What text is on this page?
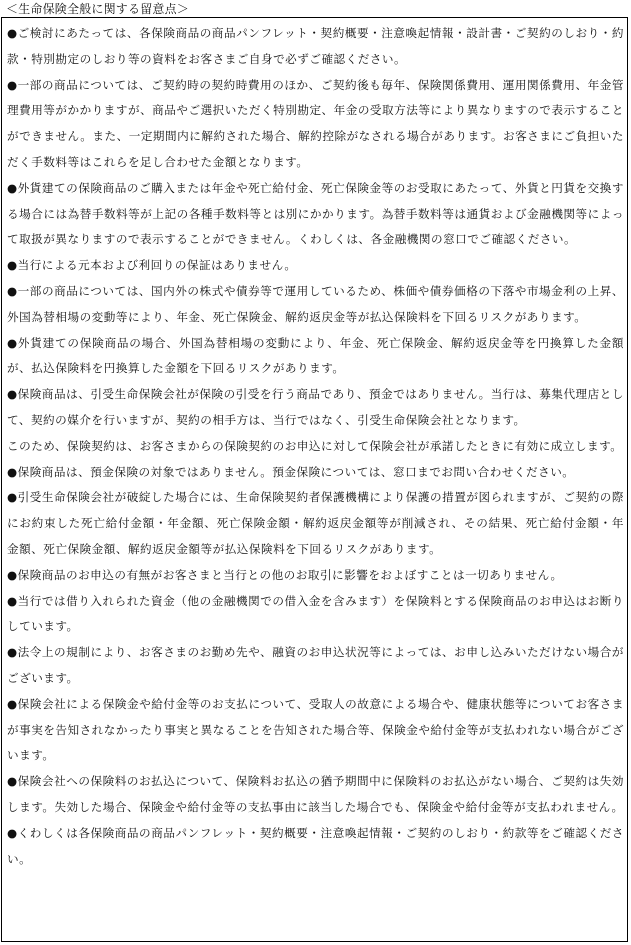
＜生命保険全般に関する留意点＞
●ご検討にあたっては、各保険商品の商品パンフレット・契約概要・注意喚起情報・設計書・ご契約のしおり・約款・特別勘定のしおり等の資料をお客さまご自身で必ずご確認ください。
●一部の商品については、ご契約時の契約時費用のほか、ご契約後も毎年、保険関係費用、運用関係費用、年金管理費用等がかかりますが、商品やご選択いただく特別勘定、年金の受取方法等により異なりますので表示することができません。また、一定期間内に解約された場合、解約控除がなされる場合があります。お客さまにご負担いただく手数料等はこれらを足し合わせた金額となります。
●外貨建ての保険商品のご購入または年金や死亡給付金、死亡保険金等のお受取にあたって、外貨と円貨を交換する場合には為替手数料等が上記の各種手数料等とは別にかかります。為替手数料等は通貨および金融機関等によって取扱が異なりますので表示することができません。くわしくは、各金融機関の窓口でご確認ください。
●当行による元本および利回りの保証はありません。
●一部の商品については、国内外の株式や債券等で運用しているため、株価や債券価格の下落や市場金利の上昇、外国為替相場の変動等により、年金、死亡保険金、解約返戻金等が払込保険料を下回るリスクがあります。
●外貨建ての保険商品の場合、外国為替相場の変動により、年金、死亡保険金、解約返戻金等を円換算した金額が、払込保険料を円換算した金額を下回るリスクがあります。
●保険商品は、引受生命保険会社が保険の引受を行う商品であり、預金ではありません。当行は、募集代理店として、契約の媒介を行いますが、契約の相手方は、当行ではなく、引受生命保険会社となります。
このため、保険契約は、お客さまからの保険契約のお申込に対して保険会社が承諾したときに有効に成立します。
●保険商品は、預金保険の対象ではありません。預金保険については、窓口までお問い合わせください。
●引受生命保険会社が破綻した場合には、生命保険契約者保護機構により保護の措置が図られますが、ご契約の際にお約束した死亡給付金額・年金額、死亡保険金額・解約返戻金額等が削減され、その結果、死亡給付金額・年金額、死亡保険金額、解約返戻金額等が払込保険料を下回るリスクがあります。
●保険商品のお申込の有無がお客さまと当行との他のお取引に影響をおよぼすことは一切ありません。
●当行では借り入れられた資金（他の金融機関での借入金を含みます）を保険料とする保険商品のお申込はお断りしています。
●法令上の規制により、お客さまのお勤め先や、融資のお申込状況等によっては、お申し込みいただけない場合がございます。
●保険会社による保険金や給付金等のお支払について、受取人の故意による場合や、健康状態等についてお客さまが事実を告知されなかったり事実と異なることを告知された場合等、保険金や給付金等が支払われない場合がございます。
●保険会社への保険料のお払込について、保険料お払込の猶予期間中に保険料のお払込がない場合、ご契約は失効します。失効した場合、保険金や給付金等の支払事由に該当した場合でも、保険金や給付金等が支払われません。
●くわしくは各保険商品の商品パンフレット・契約概要・注意喚起情報・ご契約のしおり・約款等をご確認ください。
